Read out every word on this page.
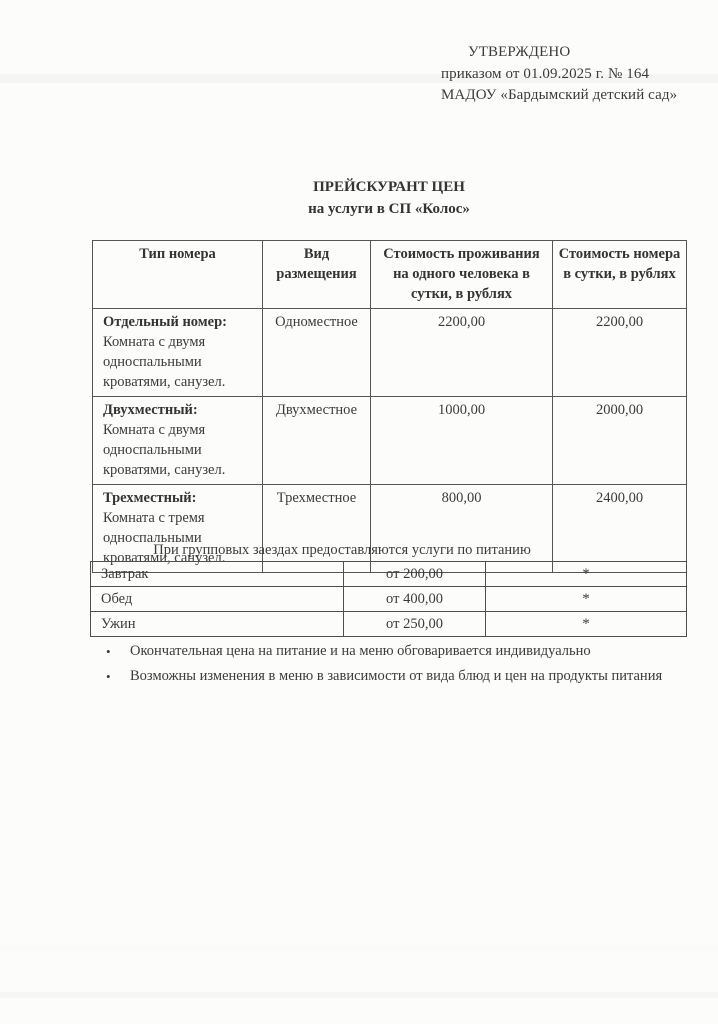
УТВЕРЖДЕНО
приказом от 01.09.2025 г. № 164
МАДОУ «Бардымский детский сад»
ПРЕЙСКУРАНТ ЦЕН
на услуги в СП «Колос»
Тип номера	Вид размещения	Стоимость проживания на одного человека в сутки, в рублях	Стоимость номера в сутки, в рублях

Отдельный номер:
Комната с двумя односпальными кроватями, санузел.	Одноместное	2200,00	2200,00

Двухместный:
Комната с двумя односпальными кроватями, санузел.	Двухместное	1000,00	2000,00

Трехместный:
Комната с тремя односпальными кроватями, санузел.	Трехместное	800,00	2400,00
При групповых заездах предоставляются услуги по питанию
Завтрак	от 200,00	*
Обед	от 400,00	*
Ужин	от 250,00	*
•	Окончательная цена на питание и на меню обговаривается индивидуально
•	Возможны изменения в меню в зависимости от вида блюд и цен на продукты питания
